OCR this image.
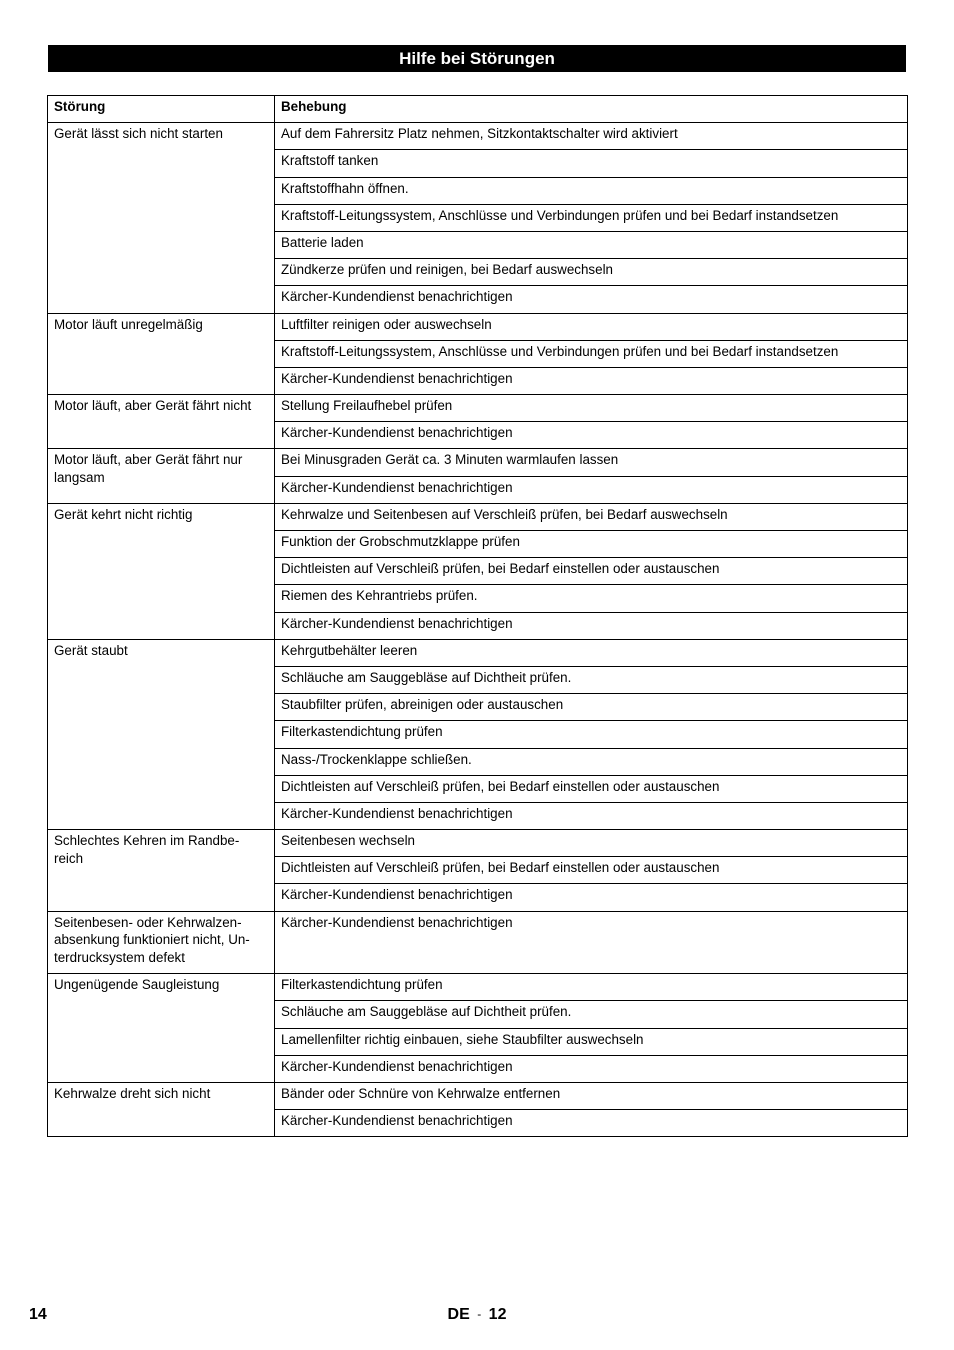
Hilfe bei Störungen
Störung	Behebung

Gerät lässt sich nicht starten	Auf dem Fahrersitz Platz nehmen, Sitzkontaktschalter wird aktiviert
	Kraftstoff tanken
	Kraftstoffhahn öffnen.
	Kraftstoff-Leitungssystem, Anschlüsse und Verbindungen prüfen und bei Bedarf instandsetzen
	Batterie laden
	Zündkerze prüfen und reinigen, bei Bedarf auswechseln
	Kärcher-Kundendienst benachrichtigen

Motor läuft unregelmäßig	Luftfilter reinigen oder auswechseln
	Kraftstoff-Leitungssystem, Anschlüsse und Verbindungen prüfen und bei Bedarf instandsetzen
	Kärcher-Kundendienst benachrichtigen

Motor läuft, aber Gerät fährt nicht	Stellung Freilaufhebel prüfen
	Kärcher-Kundendienst benachrichtigen

Motor läuft, aber Gerät fährt nur langsam	Bei Minusgraden Gerät ca. 3 Minuten warmlaufen lassen
	Kärcher-Kundendienst benachrichtigen

Gerät kehrt nicht richtig	Kehrwalze und Seitenbesen auf Verschleiß prüfen, bei Bedarf auswechseln
	Funktion der Grobschmutzklappe prüfen
	Dichtleisten auf Verschleiß prüfen, bei Bedarf einstellen oder austauschen
	Riemen des Kehrantriebs prüfen.
	Kärcher-Kundendienst benachrichtigen

Gerät staubt	Kehrgutbehälter leeren
	Schläuche am Sauggebläse auf Dichtheit prüfen.
	Staubfilter prüfen, abreinigen oder austauschen
	Filterkastendichtung prüfen
	Nass-/Trockenklappe schließen.
	Dichtleisten auf Verschleiß prüfen, bei Bedarf einstellen oder austauschen
	Kärcher-Kundendienst benachrichtigen

Schlechtes Kehren im Randbe-reich	Seitenbesen wechseln
	Dichtleisten auf Verschleiß prüfen, bei Bedarf einstellen oder austauschen
	Kärcher-Kundendienst benachrichtigen

Seitenbesen- oder Kehrwalzen-absenkung funktioniert nicht, Un-terdrucksystem defekt	Kärcher-Kundendienst benachrichtigen

Ungenügende Saugleistung	Filterkastendichtung prüfen
	Schläuche am Sauggebläse auf Dichtheit prüfen.
	Lamellenfilter richtig einbauen, siehe Staubfilter auswechseln
	Kärcher-Kundendienst benachrichtigen

Kehrwalze dreht sich nicht	Bänder oder Schnüre von Kehrwalze entfernen
	Kärcher-Kundendienst benachrichtigen
14	DE - 12
